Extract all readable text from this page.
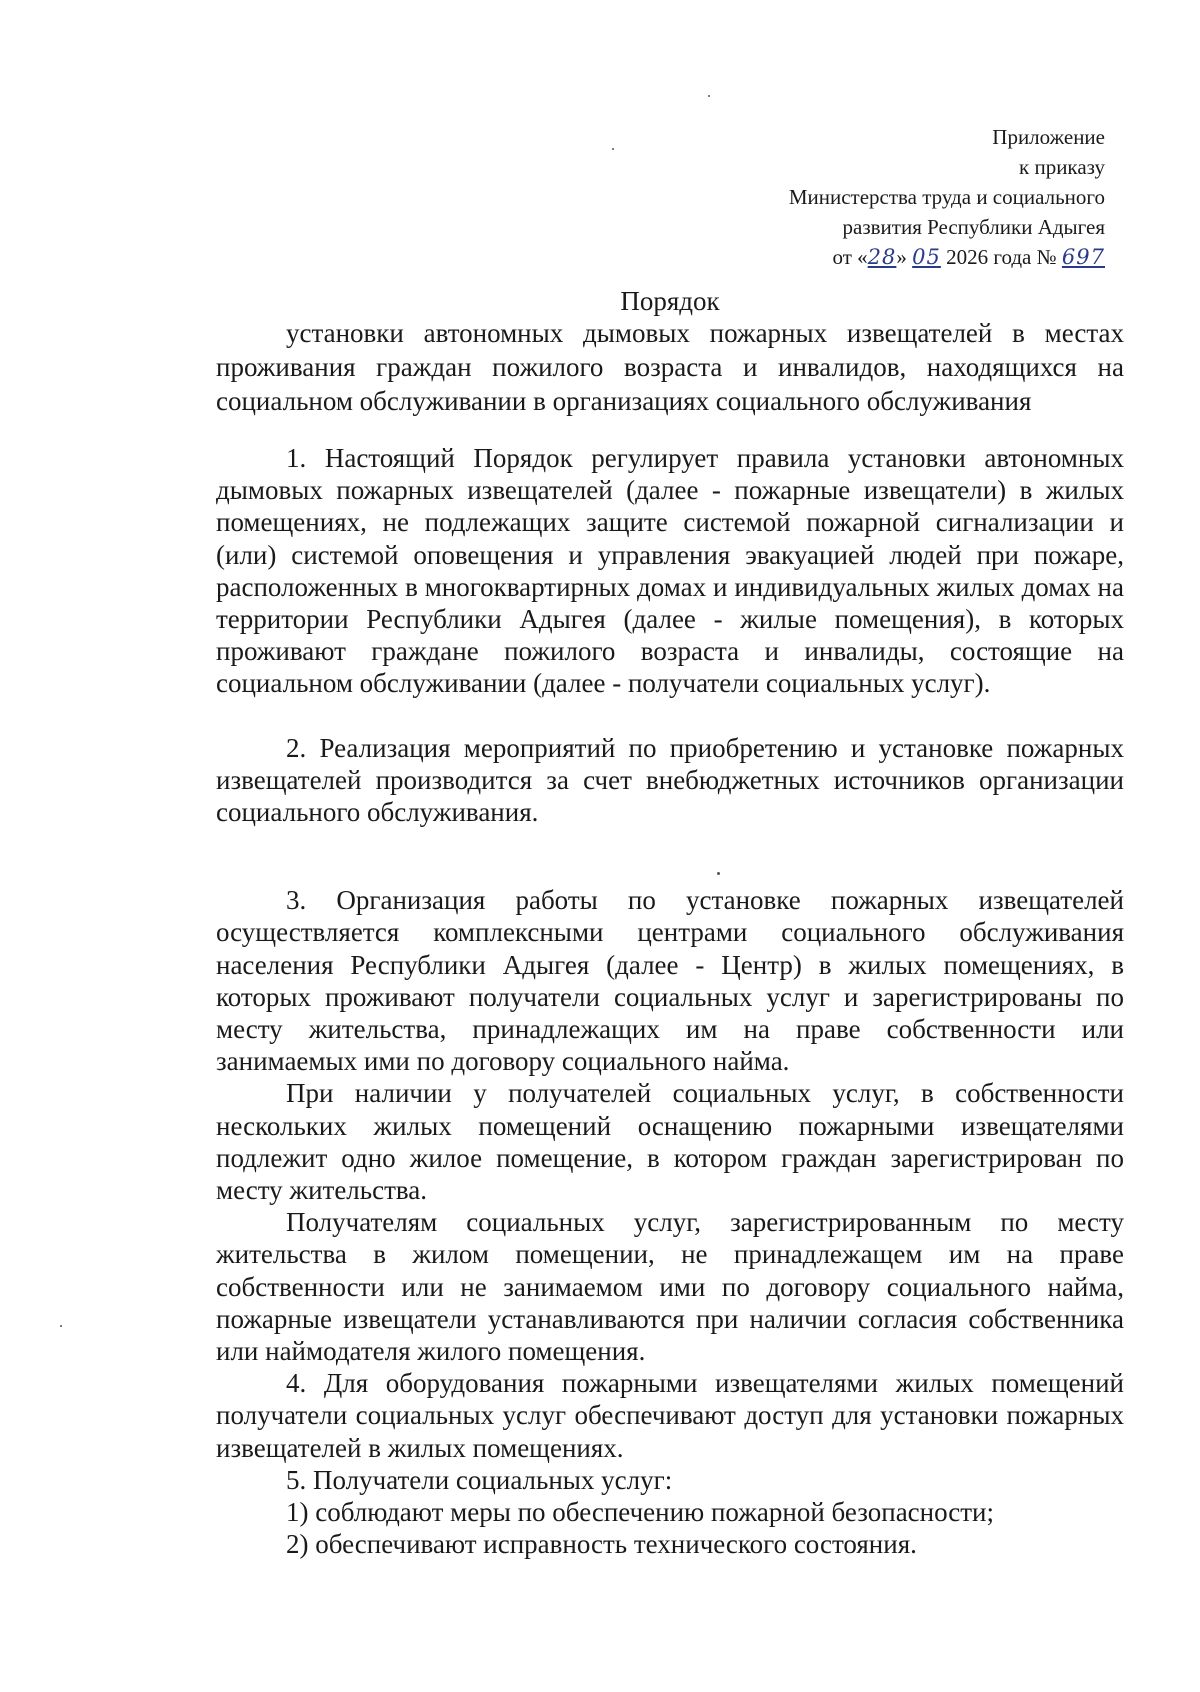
Приложение
к приказу
Министерства труда и социального
развития Республики Адыгея
от «28» 05 2026 года № 697
Порядок
установки автономных дымовых пожарных извещателей в местах проживания граждан пожилого возраста и инвалидов, находящихся на социальном обслуживании в организациях социального обслуживания

1. Настоящий Порядок регулирует правила установки автономных дымовых пожарных извещателей (далее - пожарные извещатели) в жилых помещениях, не подлежащих защите системой пожарной сигнализации и (или) системой оповещения и управления эвакуацией людей при пожаре, расположенных в многоквартирных домах и индивидуальных жилых домах на территории Республики Адыгея (далее - жилые помещения), в которых проживают граждане пожилого возраста и инвалиды, состоящие на социальном обслуживании (далее - получатели социальных услуг).

2. Реализация мероприятий по приобретению и установке пожарных извещателей производится за счет внебюджетных источников организации социального обслуживания.

3. Организация работы по установке пожарных извещателей осуществляется комплексными центрами социального обслуживания населения Республики Адыгея (далее - Центр) в жилых помещениях, в которых проживают получатели социальных услуг и зарегистрированы по месту жительства, принадлежащих им на праве собственности или занимаемых ими по договору социального найма.

При наличии у получателей социальных услуг, в собственности нескольких жилых помещений оснащению пожарными извещателями подлежит одно жилое помещение, в котором граждан зарегистрирован по месту жительства.

Получателям социальных услуг, зарегистрированным по месту жительства в жилом помещении, не принадлежащем им на праве собственности или не занимаемом ими по договору социального найма, пожарные извещатели устанавливаются при наличии согласия собственника или наймодателя жилого помещения.

4. Для оборудования пожарными извещателями жилых помещений получатели социальных услуг обеспечивают доступ для установки пожарных извещателей в жилых помещениях.

5. Получатели социальных услуг:

1) соблюдают меры по обеспечению пожарной безопасности;

2) обеспечивают исправность технического состояния.
